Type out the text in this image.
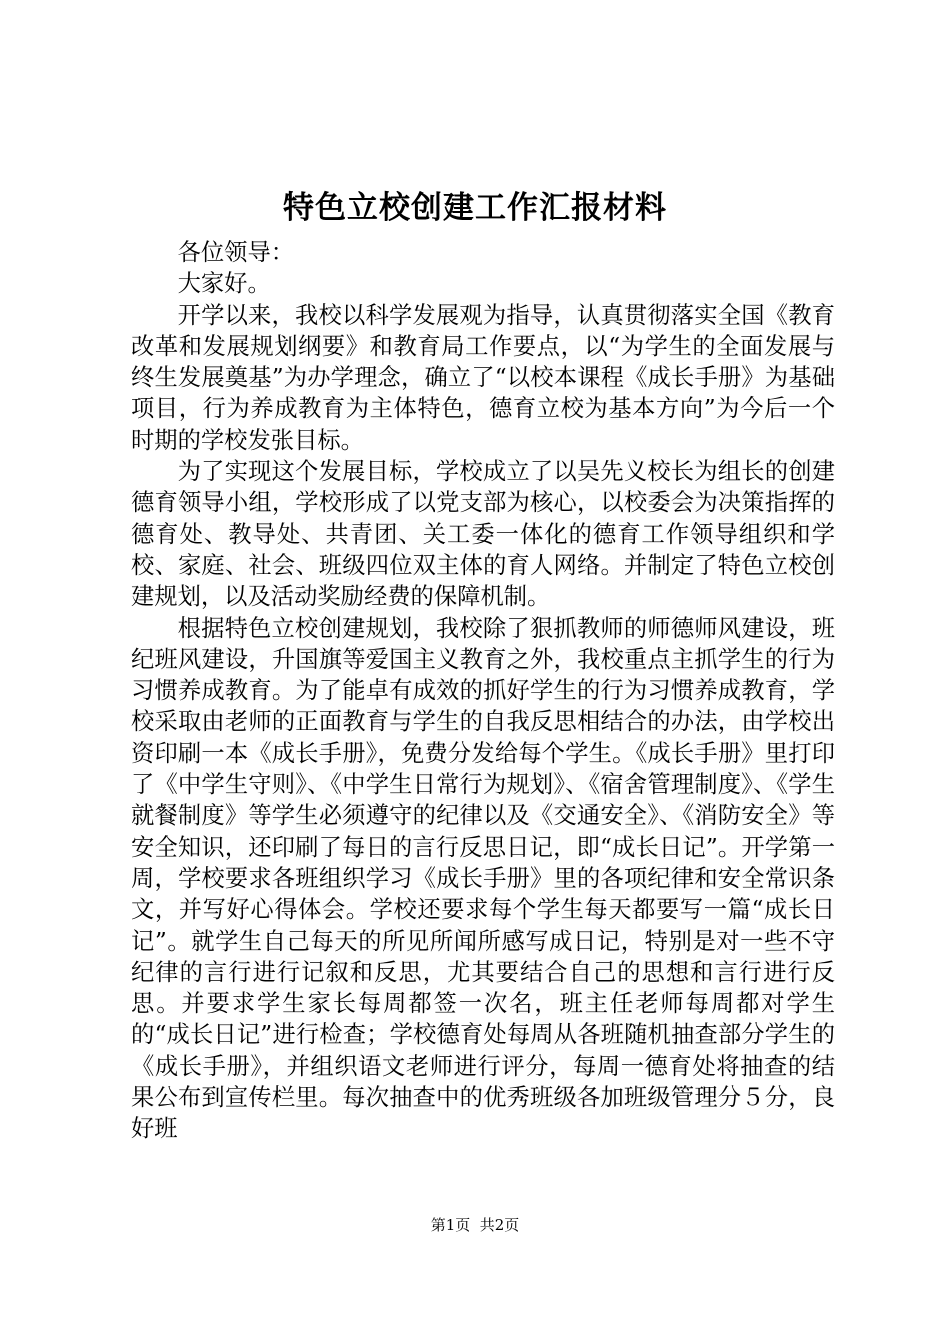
特色立校创建工作汇报材料

各位领导：

大家好。

开学以来，我校以科学发展观为指导，认真贯彻落实全国《教育改革和发展规划纲要》和教育局工作要点，以“为学生的全面发展与终生发展奠基”为办学理念，确立了“以校本课程《成长手册》为基础项目，行为养成教育为主体特色，德育立校为基本方向”为今后一个时期的学校发张目标。

为了实现这个发展目标，学校成立了以吴先义校长为组长的创建德育领导小组，学校形成了以党支部为核心，以校委会为决策指挥的德育处、教导处、共青团、关工委一体化的德育工作领导组织和学校、家庭、社会、班级四位双主体的育人网络。并制定了特色立校创建规划，以及活动奖励经费的保障机制。

根据特色立校创建规划，我校除了狠抓教师的师德师风建设，班纪班风建设，升国旗等爱国主义教育之外，我校重点主抓学生的行为习惯养成教育。为了能卓有成效的抓好学生的行为习惯养成教育，学校采取由老师的正面教育与学生的自我反思相结合的办法，由学校出资印刷一本《成长手册》，免费分发给每个学生。《成长手册》里打印了《中学生守则》、《中学生日常行为规划》、《宿舍管理制度》、《学生就餐制度》等学生必须遵守的纪律以及《交通安全》、《消防安全》等安全知识，还印刷了每日的言行反思日记，即“成长日记”。开学第一周，学校要求各班组织学习《成长手册》里的各项纪律和安全常识条文，并写好心得体会。学校还要求每个学生每天都要写一篇“成长日记”。就学生自己每天的所见所闻所感写成日记，特别是对一些不守纪律的言行进行记叙和反思，尤其要结合自己的思想和言行进行反思。并要求学生家长每周都签一次名，班主任老师每周都对学生的“成长日记”进行检查；学校德育处每周从各班随机抽查部分学生的《成长手册》，并组织语文老师进行评分，每周一德育处将抽查的结果公布到宣传栏里。每次抽查中的优秀班级各加班级管理分５分，良好班

第1页  共2页
